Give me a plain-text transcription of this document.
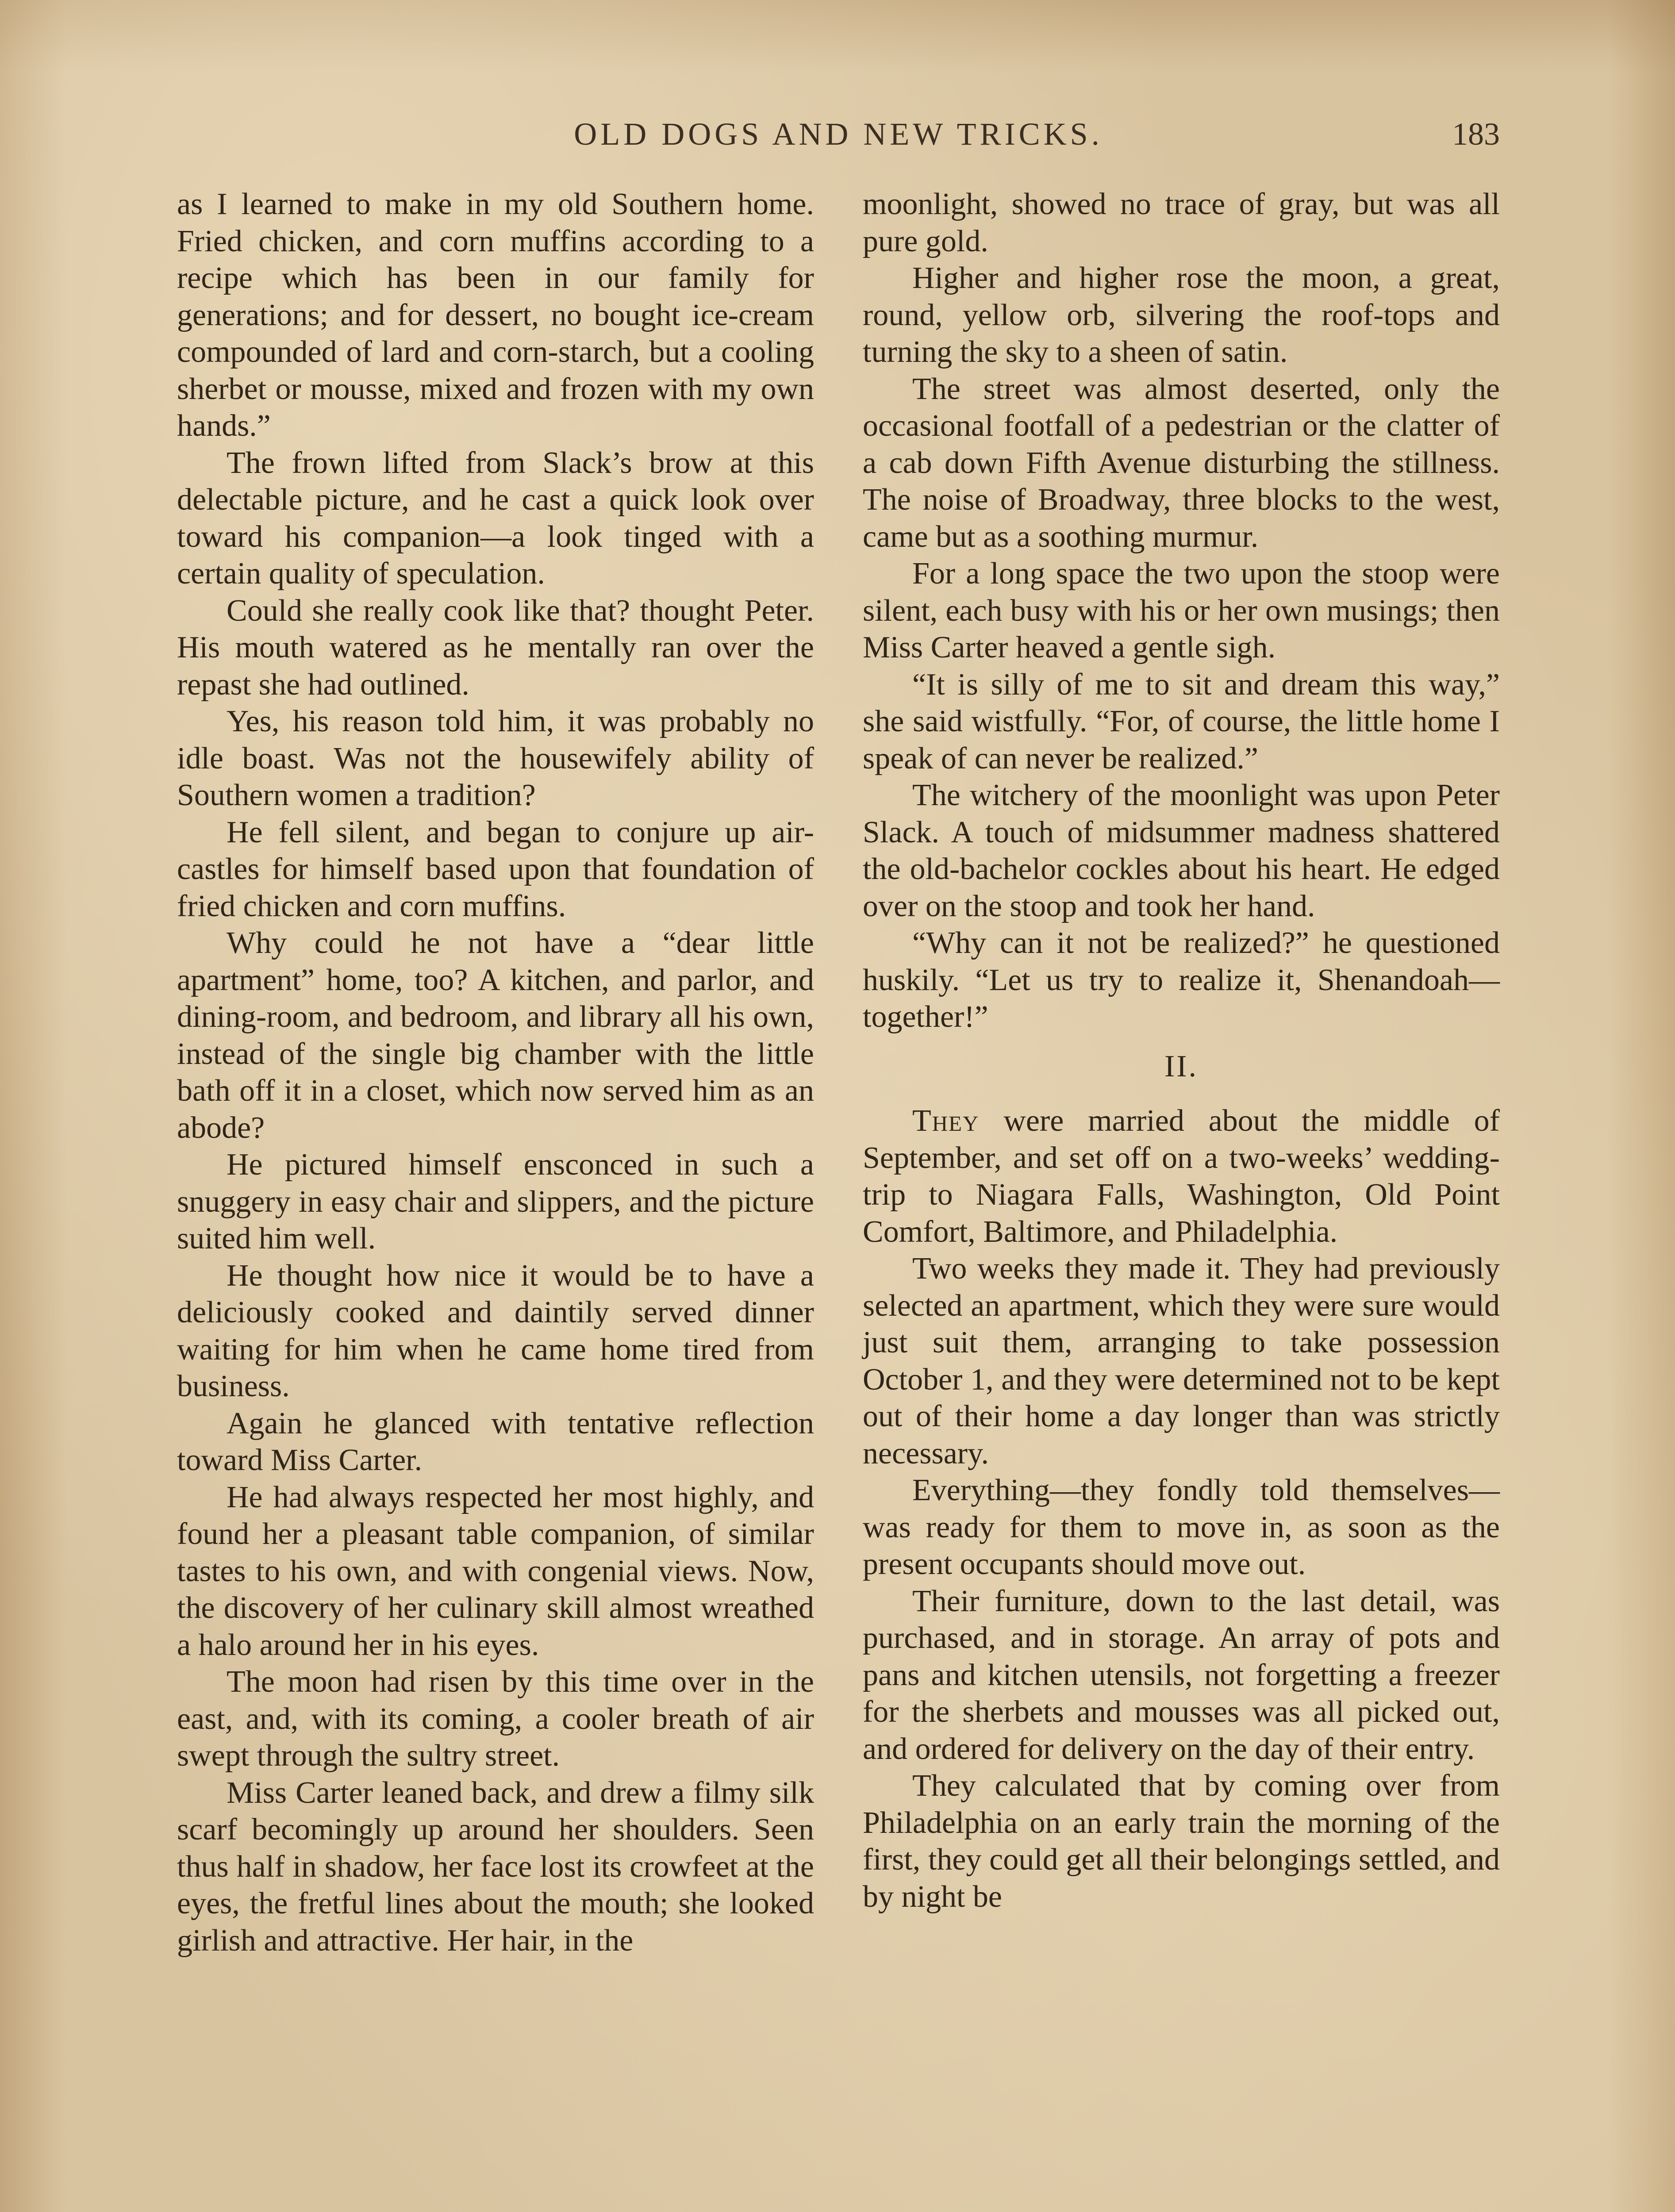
OLD DOGS AND NEW TRICKS.	183

as I learned to make in my old Southern home. Fried chicken, and corn muffins according to a recipe which has been in our family for generations; and for dessert, no bought ice-cream compounded of lard and corn-starch, but a cooling sherbet or mousse, mixed and frozen with my own hands.”

The frown lifted from Slack’s brow at this delectable picture, and he cast a quick look over toward his companion—a look tinged with a certain quality of speculation.

Could she really cook like that? thought Peter. His mouth watered as he mentally ran over the repast she had outlined.

Yes, his reason told him, it was probably no idle boast. Was not the housewifely ability of Southern women a tradition?

He fell silent, and began to conjure up air-castles for himself based upon that foundation of fried chicken and corn muffins.

Why could he not have a “dear little apartment” home, too? A kitchen, and parlor, and dining-room, and bedroom, and library all his own, instead of the single big chamber with the little bath off it in a closet, which now served him as an abode?

He pictured himself ensconced in such a snuggery in easy chair and slippers, and the picture suited him well.

He thought how nice it would be to have a deliciously cooked and daintily served dinner waiting for him when he came home tired from business.

Again he glanced with tentative reflection toward Miss Carter.

He had always respected her most highly, and found her a pleasant table companion, of similar tastes to his own, and with congenial views. Now, the discovery of her culinary skill almost wreathed a halo around her in his eyes.

The moon had risen by this time over in the east, and, with its coming, a cooler breath of air swept through the sultry street.

Miss Carter leaned back, and drew a filmy silk scarf becomingly up around her shoulders. Seen thus half in shadow, her face lost its crowfeet at the eyes, the fretful lines about the mouth; she looked girlish and attractive. Her hair, in the

moonlight, showed no trace of gray, but was all pure gold.

Higher and higher rose the moon, a great, round, yellow orb, silvering the roof-tops and turning the sky to a sheen of satin.

The street was almost deserted, only the occasional footfall of a pedestrian or the clatter of a cab down Fifth Avenue disturbing the stillness. The noise of Broadway, three blocks to the west, came but as a soothing murmur.

For a long space the two upon the stoop were silent, each busy with his or her own musings; then Miss Carter heaved a gentle sigh.

“It is silly of me to sit and dream this way,” she said wistfully. “For, of course, the little home I speak of can never be realized.”

The witchery of the moonlight was upon Peter Slack. A touch of midsummer madness shattered the old-bachelor cockles about his heart. He edged over on the stoop and took her hand.

“Why can it not be realized?” he questioned huskily. “Let us try to realize it, Shenandoah—together!”

II.

They were married about the middle of September, and set off on a two-weeks’ wedding-trip to Niagara Falls, Washington, Old Point Comfort, Baltimore, and Philadelphia.

Two weeks they made it. They had previously selected an apartment, which they were sure would just suit them, arranging to take possession October 1, and they were determined not to be kept out of their home a day longer than was strictly necessary.

Everything—they fondly told themselves—was ready for them to move in, as soon as the present occupants should move out.

Their furniture, down to the last detail, was purchased, and in storage. An array of pots and pans and kitchen utensils, not forgetting a freezer for the sherbets and mousses was all picked out, and ordered for delivery on the day of their entry.

They calculated that by coming over from Philadelphia on an early train the morning of the first, they could get all their belongings settled, and by night be
